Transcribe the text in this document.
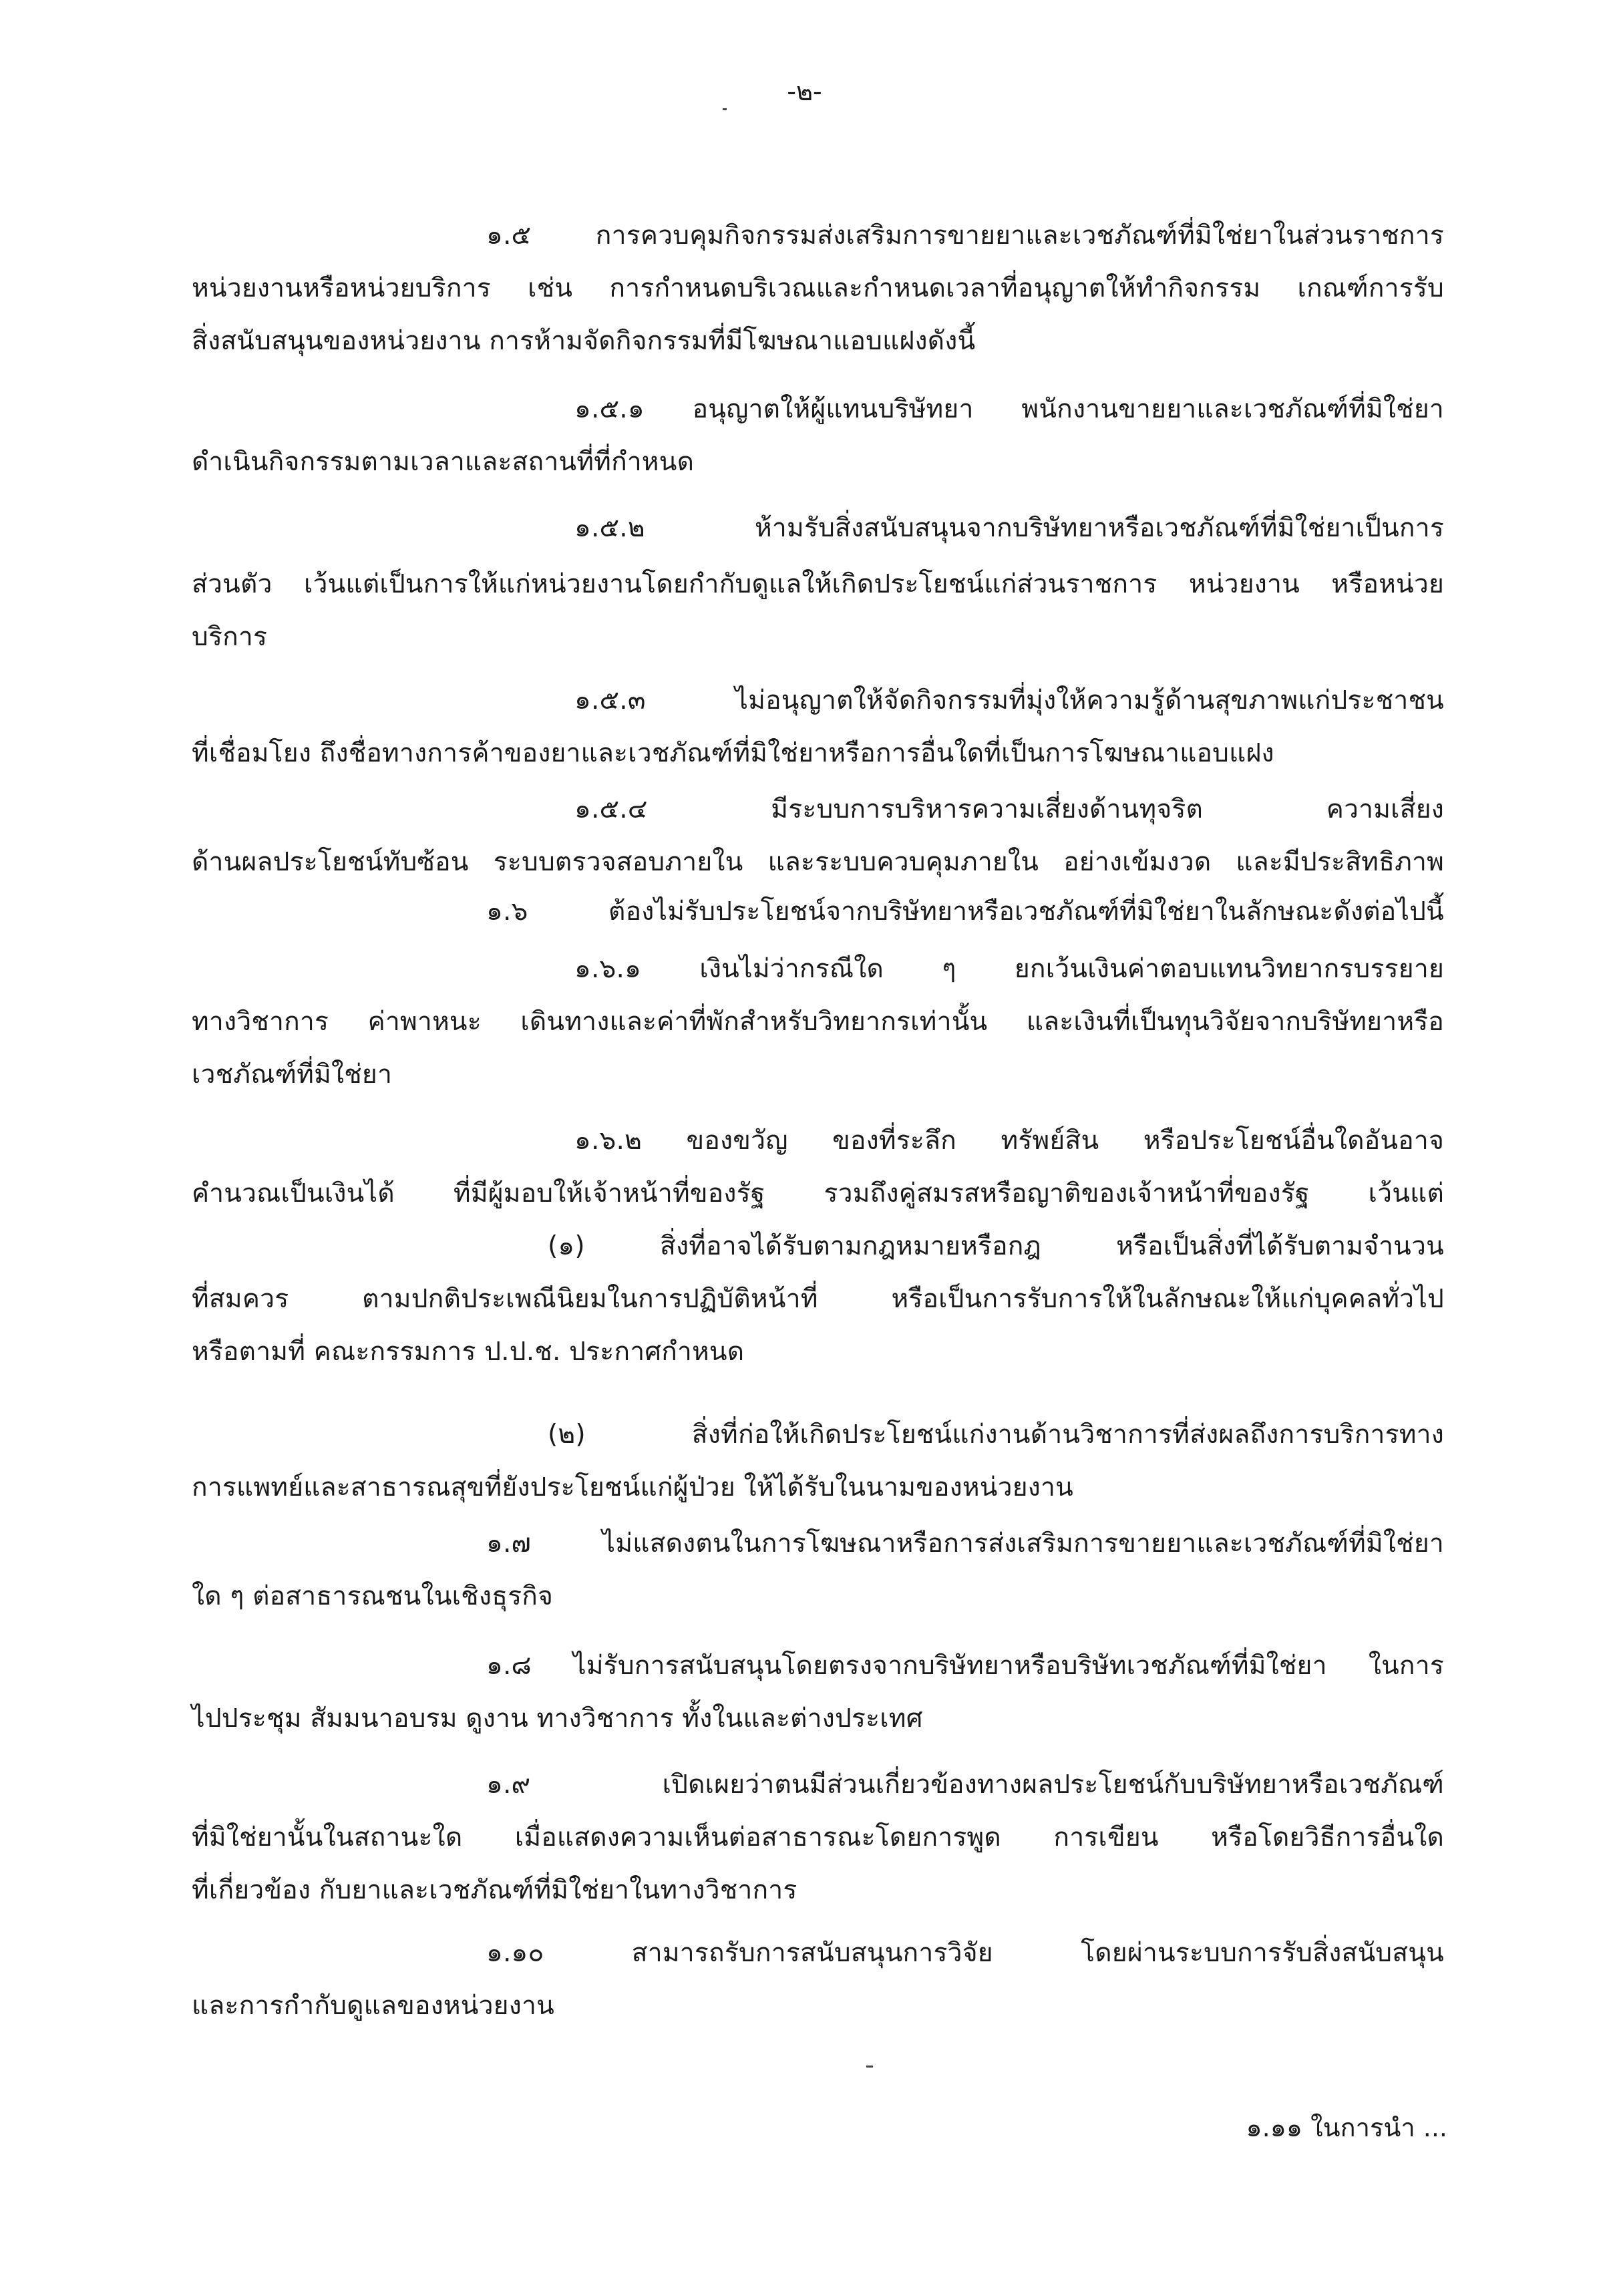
-๒-
๑.๕ การควบคุมกิจกรรมส่งเสริมการขายยาและเวชภัณฑ์ที่มิใช่ยาในส่วนราชการ
หน่วยงานหรือหน่วยบริการ เช่น การกำหนดบริเวณและกำหนดเวลาที่อนุญาตให้ทำกิจกรรม เกณฑ์การรับ
สิ่งสนับสนุนของหน่วยงาน การห้ามจัดกิจกรรมที่มีโฆษณาแอบแฝงดังนี้
๑.๕.๑ อนุญาตให้ผู้แทนบริษัทยา พนักงานขายยาและเวชภัณฑ์ที่มิใช่ยา
ดำเนินกิจกรรมตามเวลาและสถานที่ที่กำหนด
๑.๕.๒ ห้ามรับสิ่งสนับสนุนจากบริษัทยาหรือเวชภัณฑ์ที่มิใช่ยาเป็นการ
ส่วนตัว เว้นแต่เป็นการให้แก่หน่วยงานโดยกำกับดูแลให้เกิดประโยชน์แก่ส่วนราชการ หน่วยงาน หรือหน่วย
บริการ
๑.๕.๓ ไม่อนุญาตให้จัดกิจกรรมที่มุ่งให้ความรู้ด้านสุขภาพแก่ประชาชน
ที่เชื่อมโยง ถึงชื่อทางการค้าของยาและเวชภัณฑ์ที่มิใช่ยาหรือการอื่นใดที่เป็นการโฆษณาแอบแฝง
๑.๕.๔ มีระบบการบริหารความเสี่ยงด้านทุจริต ความเสี่ยง
ด้านผลประโยชน์ทับซ้อน ระบบตรวจสอบภายใน และระบบควบคุมภายใน อย่างเข้มงวด และมีประสิทธิภาพ
๑.๖ ต้องไม่รับประโยชน์จากบริษัทยาหรือเวชภัณฑ์ที่มิใช่ยาในลักษณะดังต่อไปนี้
๑.๖.๑ เงินไม่ว่ากรณีใด ๆ ยกเว้นเงินค่าตอบแทนวิทยากรบรรยาย
ทางวิชาการ ค่าพาหนะ เดินทางและค่าที่พักสำหรับวิทยากรเท่านั้น และเงินที่เป็นทุนวิจัยจากบริษัทยาหรือ
เวชภัณฑ์ที่มิใช่ยา
๑.๖.๒ ของขวัญ ของที่ระลึก ทรัพย์สิน หรือประโยชน์อื่นใดอันอาจ
คำนวณเป็นเงินได้ ที่มีผู้มอบให้เจ้าหน้าที่ของรัฐ รวมถึงคู่สมรสหรือญาติของเจ้าหน้าที่ของรัฐ เว้นแต่
(๑) สิ่งที่อาจได้รับตามกฎหมายหรือกฎ หรือเป็นสิ่งที่ได้รับตามจำนวน
ที่สมควร ตามปกติประเพณีนิยมในการปฏิบัติหน้าที่ หรือเป็นการรับการให้ในลักษณะให้แก่บุคคลทั่วไป
หรือตามที่ คณะกรรมการ ป.ป.ช. ประกาศกำหนด
(๒) สิ่งที่ก่อให้เกิดประโยชน์แก่งานด้านวิชาการที่ส่งผลถึงการบริการทาง
การแพทย์และสาธารณสุขที่ยังประโยชน์แก่ผู้ป่วย ให้ได้รับในนามของหน่วยงาน
๑.๗ ไม่แสดงตนในการโฆษณาหรือการส่งเสริมการขายยาและเวชภัณฑ์ที่มิใช่ยา
ใด ๆ ต่อสาธารณชนในเชิงธุรกิจ
๑.๘ ไม่รับการสนับสนุนโดยตรงจากบริษัทยาหรือบริษัทเวชภัณฑ์ที่มิใช่ยา ในการ
ไปประชุม สัมมนาอบรม ดูงาน ทางวิชาการ ทั้งในและต่างประเทศ
๑.๙ เปิดเผยว่าตนมีส่วนเกี่ยวข้องทางผลประโยชน์กับบริษัทยาหรือเวชภัณฑ์
ที่มิใช่ยานั้นในสถานะใด เมื่อแสดงความเห็นต่อสาธารณะโดยการพูด การเขียน หรือโดยวิธีการอื่นใด
ที่เกี่ยวข้อง กับยาและเวชภัณฑ์ที่มิใช่ยาในทางวิชาการ
๑.๑๐ สามารถรับการสนับสนุนการวิจัย โดยผ่านระบบการรับสิ่งสนับสนุน
และการกำกับดูแลของหน่วยงาน
๑.๑๑ ในการนำ ...
